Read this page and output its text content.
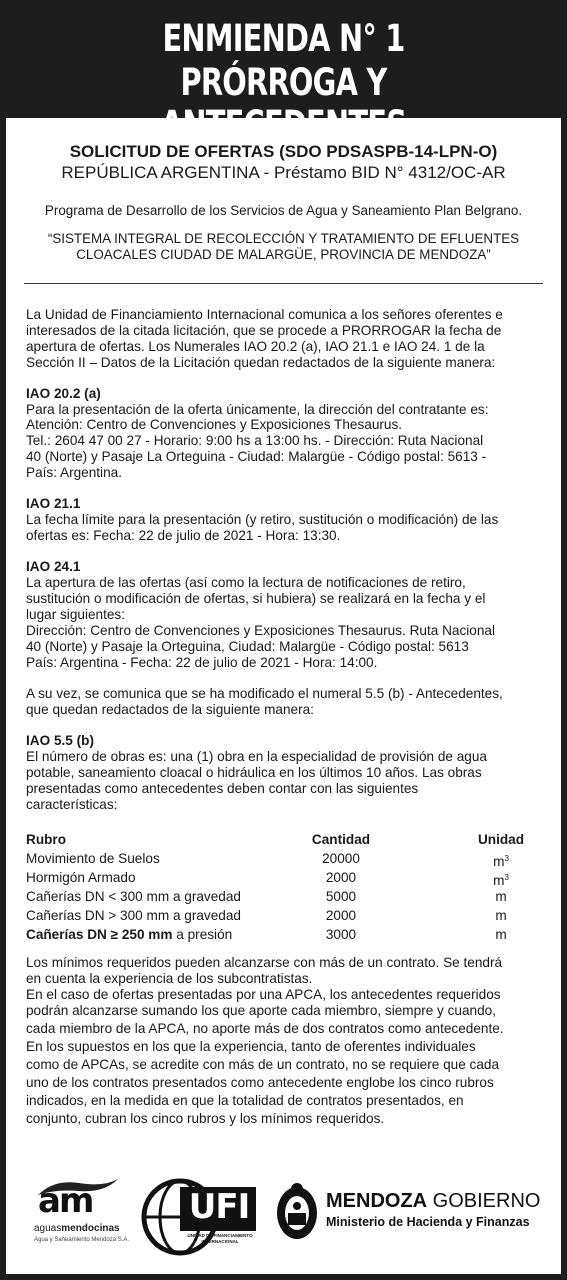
ENMIENDA N° 1
PRÓRROGA Y
SOLICITUD DE OFERTAS (SDO PDSASPB-14-LPN-O)
REPÚBLICA ARGENTINA - Préstamo BID N° 4312/OC-AR
Programa de Desarrollo de los Servicios de Agua y Saneamiento Plan Belgrano.
“SISTEMA INTEGRAL DE RECOLECCIÓN Y TRATAMIENTO DE EFLUENTES
CLOACALES CIUDAD DE MALARGÜE, PROVINCIA DE MENDOZA”
La Unidad de Financiamiento Internacional comunica a los señores oferentes e
interesados de la citada licitación, que se procede a PRORROGAR la fecha de
apertura de ofertas. Los Numerales IAO 20.2 (a), IAO 21.1 e IAO 24. 1 de la
Sección II – Datos de la Licitación quedan redactados de la siguiente manera:
IAO 20.2 (a)
Para la presentación de la oferta únicamente, la dirección del contratante es:
Atención: Centro de Convenciones y Exposiciones Thesaurus.
Tel.: 2604 47 00 27 - Horario: 9:00 hs a 13:00 hs. - Dirección: Ruta Nacional
40 (Norte) y Pasaje La Orteguina - Ciudad: Malargüe - Código postal: 5613 -
País: Argentina.
IAO 21.1
La fecha límite para la presentación (y retiro, sustitución o modificación) de las
ofertas es: Fecha: 22 de julio de 2021 - Hora: 13:30.
IAO 24.1
La apertura de las ofertas (así como la lectura de notificaciones de retiro,
sustitución o modificación de ofertas, si hubiera) se realizará en la fecha y el
lugar siguientes:
Dirección: Centro de Convenciones y Exposiciones Thesaurus. Ruta Nacional
40 (Norte) y Pasaje la Orteguina, Ciudad: Malargüe - Código postal: 5613
País: Argentina - Fecha: 22 de julio de 2021 - Hora: 14:00.
A su vez, se comunica que se ha modificado el numeral 5.5 (b) - Antecedentes,
que quedan redactados de la siguiente manera:
IAO 5.5 (b)
El número de obras es: una (1) obra en la especialidad de provisión de agua
potable, saneamiento cloacal o hidráulica en los últimos 10 años. Las obras
presentadas como antecedentes deben contar con las siguientes
características:
Rubro	Cantidad	Unidad
Movimiento de Suelos	20000	$m^3$
Hormigón Armado	2000	$m^3$
Cañerías DN < 300 mm a gravedad	5000	m
Cañerías DN > 300 mm a gravedad	2000	m
Cañerías DN ≥ 250 mm a presión	3000	m
Los mínimos requeridos pueden alcanzarse con más de un contrato. Se tendrá
en cuenta la experiencia de los subcontratistas.
En el caso de ofertas presentadas por una APCA, los antecedentes requeridos
podrán alcanzarse sumando los que aporte cada miembro, siempre y cuando,
cada miembro de la APCA, no aporte más de dos contratos como antecedente.
En los supuestos en los que la experiencia, tanto de oferentes individuales
como de APCAs, se acredite con más de un contrato, no se requiere que cada
uno de los contratos presentados como antecedente englobe los cinco rubros
indicados, en la medida en que la totalidad de contratos presentados, en
conjunto, cubran los cinco rubros y los mínimos requeridos.
am
aguasmendocinas
Agua y Saneamiento Mendoza S.A.
UFI
UNIDAD DE FINANCIAMIENTO
INTERNACIONAL
MENDOZA GOBIERNO
Ministerio de Hacienda y Finanzas
